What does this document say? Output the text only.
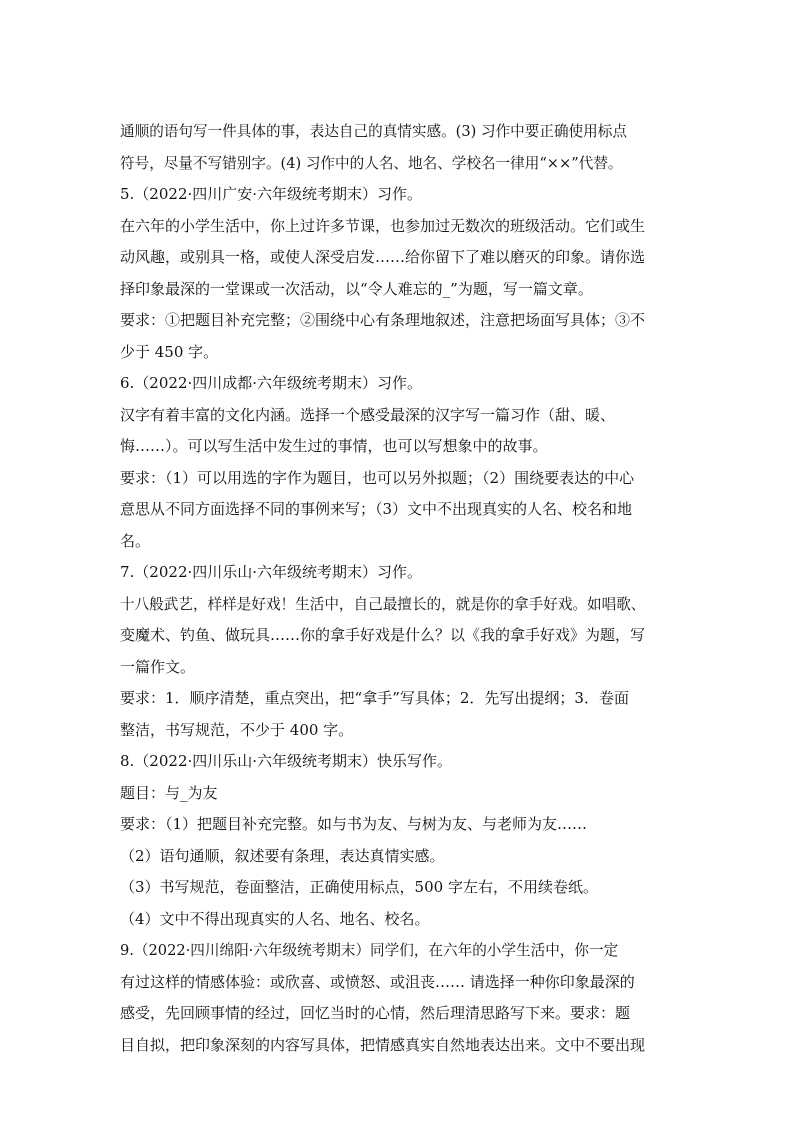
通顺的语句写一件具体的事，表达自己的真情实感。(3) 习作中要正确使用标点
符号，尽量不写错别字。(4) 习作中的人名、地名、学校名一律用“××”代替。
5.（2022·四川广安·六年级统考期末）习作。
在六年的小学生活中，你上过许多节课，也参加过无数次的班级活动。它们或生
动风趣，或别具一格，或使人深受启发……给你留下了难以磨灭的印象。请你选
择印象最深的一堂课或一次活动，以“令人难忘的_”为题，写一篇文章。
要求：①把题目补充完整；②围绕中心有条理地叙述，注意把场面写具体；③不
少于 450 字。
6.（2022·四川成都·六年级统考期末）习作。
汉字有着丰富的文化内涵。选择一个感受最深的汉字写一篇习作（甜、暖、
悔……）。可以写生活中发生过的事情，也可以写想象中的故事。
要求：（1）可以用选的字作为题目，也可以另外拟题；（2）围绕要表达的中心
意思从不同方面选择不同的事例来写；（3）文中不出现真实的人名、校名和地
名。
7.（2022·四川乐山·六年级统考期末）习作。
十八般武艺，样样是好戏！生活中，自己最擅长的，就是你的拿手好戏。如唱歌、
变魔术、钓鱼、做玩具……你的拿手好戏是什么？以《我的拿手好戏》为题，写
一篇作文。
要求：1．顺序清楚，重点突出，把“拿手”写具体；2．先写出提纲；3．卷面
整洁，书写规范，不少于 400 字。
8.（2022·四川乐山·六年级统考期末）快乐写作。
题目：与_为友
要求：（1）把题目补充完整。如与书为友、与树为友、与老师为友……
（2）语句通顺，叙述要有条理，表达真情实感。
（3）书写规范，卷面整洁，正确使用标点，500 字左右，不用续卷纸。
（4）文中不得出现真实的人名、地名、校名。
9.（2022·四川绵阳·六年级统考期末）同学们，在六年的小学生活中，你一定
有过这样的情感体验：或欣喜、或愤怒、或沮丧…… 请选择一种你印象最深的
感受，先回顾事情的经过，回忆当时的心情，然后理清思路写下来。要求：题
目自拟，把印象深刻的内容写具体，把情感真实自然地表达出来。文中不要出现
